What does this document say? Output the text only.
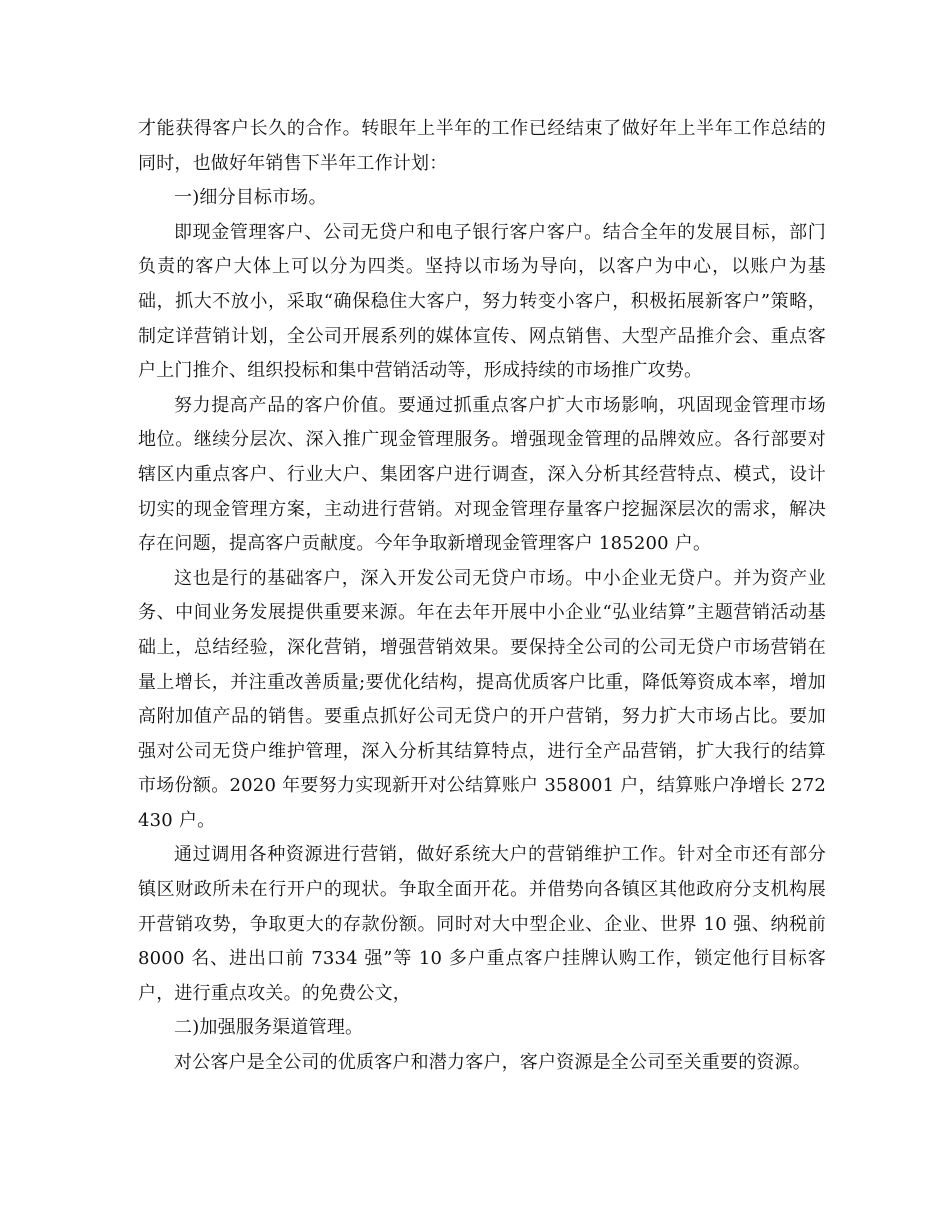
才能获得客户长久的合作。转眼年上半年的工作已经结束了做好年上半年工作总结的同时，也做好年销售下半年工作计划：

一)细分目标市场。

即现金管理客户、公司无贷户和电子银行客户客户。结合全年的发展目标，部门负责的客户大体上可以分为四类。坚持以市场为导向，以客户为中心，以账户为基础，抓大不放小，采取“确保稳住大客户，努力转变小客户，积极拓展新客户”策略，制定详营销计划，全公司开展系列的媒体宣传、网点销售、大型产品推介会、重点客户上门推介、组织投标和集中营销活动等，形成持续的市场推广攻势。

努力提高产品的客户价值。要通过抓重点客户扩大市场影响，巩固现金管理市场地位。继续分层次、深入推广现金管理服务。增强现金管理的品牌效应。各行部要对辖区内重点客户、行业大户、集团客户进行调查，深入分析其经营特点、模式，设计切实的现金管理方案，主动进行营销。对现金管理存量客户挖掘深层次的需求，解决存在问题，提高客户贡献度。今年争取新增现金管理客户 185200 户。

这也是行的基础客户，深入开发公司无贷户市场。中小企业无贷户。并为资产业务、中间业务发展提供重要来源。年在去年开展中小企业“弘业结算”主题营销活动基础上，总结经验，深化营销，增强营销效果。要保持全公司的公司无贷户市场营销在量上增长，并注重改善质量;要优化结构，提高优质客户比重，降低筹资成本率，增加高附加值产品的销售。要重点抓好公司无贷户的开户营销，努力扩大市场占比。要加强对公司无贷户维护管理，深入分析其结算特点，进行全产品营销，扩大我行的结算市场份额。2020 年要努力实现新开对公结算账户 358001 户，结算账户净增长 272430 户。

通过调用各种资源进行营销，做好系统大户的营销维护工作。针对全市还有部分镇区财政所未在行开户的现状。争取全面开花。并借势向各镇区其他政府分支机构展开营销攻势，争取更大的存款份额。同时对大中型企业、企业、世界 10 强、纳税前 8000 名、进出口前 7334 强”等 10 多户重点客户挂牌认购工作，锁定他行目标客户，进行重点攻关。的免费公文，

二)加强服务渠道管理。

对公客户是全公司的优质客户和潜力客户，客户资源是全公司至关重要的资源。
